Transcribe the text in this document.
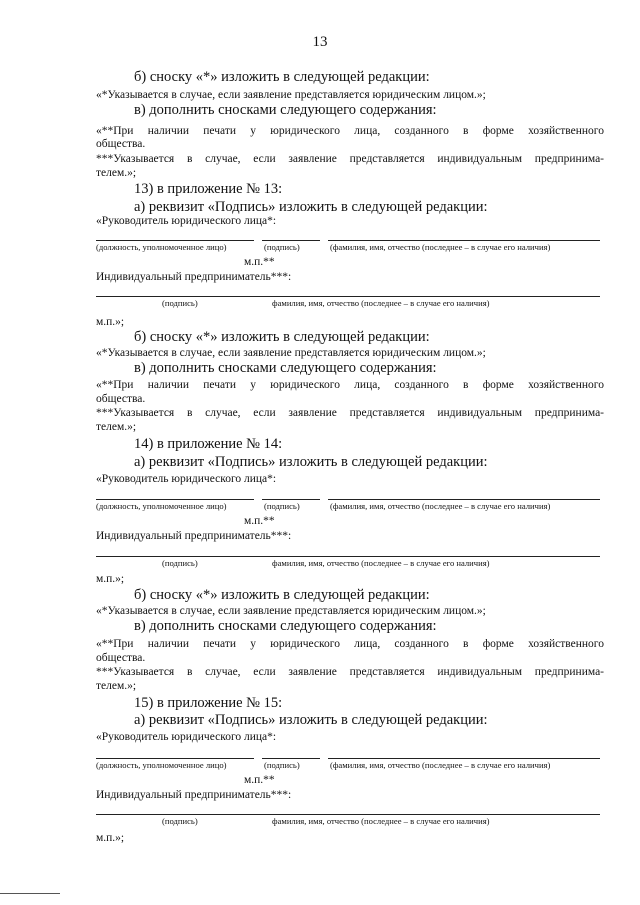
13
б) сноску «*» изложить в следующей редакции:
«*Указывается в случае, если заявление представляется юридическим лицом.»;
в) дополнить сносками следующего содержания:
«**При наличии печати у юридического лица, созданного в форме хозяйственного
общества.
***Указывается в случае, если заявление представляется индивидуальным предпринима-
телем.»;
13) в приложение № 13:
а) реквизит «Подпись» изложить в следующей редакции:
«Руководитель юридического лица*:
(должность, уполномоченное лицо)	(подпись)	(фамилия, имя, отчество (последнее – в случае его наличия)
м.п.**
Индивидуальный предприниматель***:
(подпись)	фамилия, имя, отчество (последнее – в случае его наличия)
м.п.»;
б) сноску «*» изложить в следующей редакции:
«*Указывается в случае, если заявление представляется юридическим лицом.»;
в) дополнить сносками следующего содержания:
«**При наличии печати у юридического лица, созданного в форме хозяйственного
общества.
***Указывается в случае, если заявление представляется индивидуальным предпринима-
телем.»;
14) в приложение № 14:
а) реквизит «Подпись» изложить в следующей редакции:
«Руководитель юридического лица*:
(должность, уполномоченное лицо)	(подпись)	(фамилия, имя, отчество (последнее – в случае его наличия)
м.п.**
Индивидуальный предприниматель***:
(подпись)	фамилия, имя, отчество (последнее – в случае его наличия)
м.п.»;
б) сноску «*» изложить в следующей редакции:
«*Указывается в случае, если заявление представляется юридическим лицом.»;
в) дополнить сносками следующего содержания:
«**При наличии печати у юридического лица, созданного в форме хозяйственного
общества.
***Указывается в случае, если заявление представляется индивидуальным предпринима-
телем.»;
15) в приложение № 15:
а) реквизит «Подпись» изложить в следующей редакции:
«Руководитель юридического лица*:
(должность, уполномоченное лицо)	(подпись)	(фамилия, имя, отчество (последнее – в случае его наличия)
м.п.**
Индивидуальный предприниматель***:
(подпись)	фамилия, имя, отчество (последнее – в случае его наличия)
м.п.»;
